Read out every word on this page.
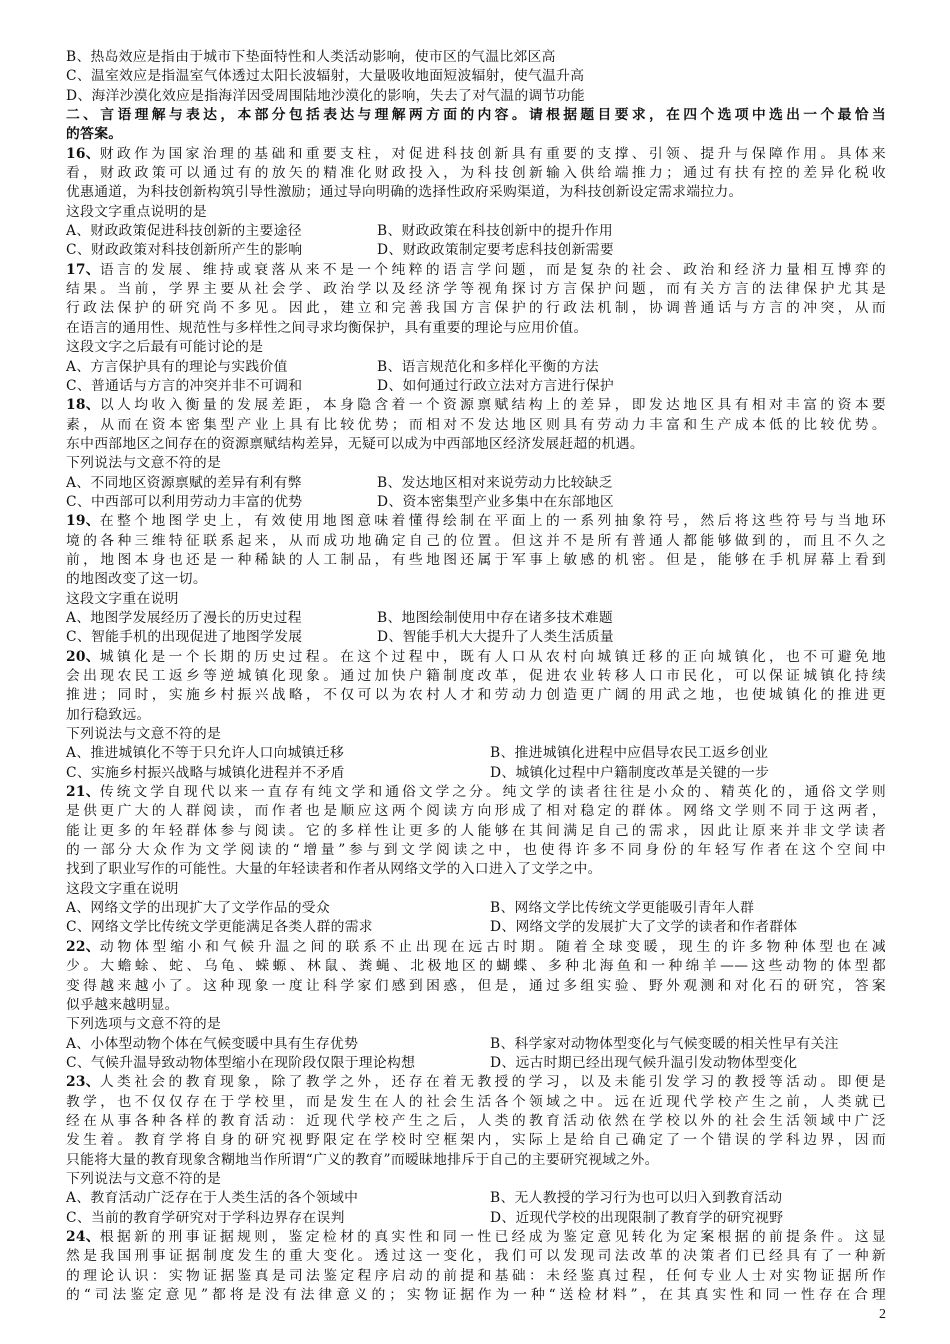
B、热岛效应是指由于城市下垫面特性和人类活动影响，使市区的气温比郊区高
C、温室效应是指温室气体透过太阳长波辐射，大量吸收地面短波辐射，使气温升高
D、海洋沙漠化效应是指海洋因受周围陆地沙漠化的影响，失去了对气温的调节功能
二、言语理解与表达，本部分包括表达与理解两方面的内容。请根据题目要求，在四个选项中选出一个最恰当
的答案。
16、 财政作为国家治理的基础和重要支柱，对促进科技创新具有重要的支撑、引领、提升与保障作用。具体来
看，财政政策可以通过有的放矢的精准化财政投入，为科技创新输入供给端推力；通过有扶有控的差异化税收
优惠通道，为科技创新构筑引导性激励；通过导向明确的选择性政府采购渠道，为科技创新设定需求端拉力。
这段文字重点说明的是
A、财政政策促进科技创新的主要途径	B、财政政策在科技创新中的提升作用
C、财政政策对科技创新所产生的影响	D、财政政策制定要考虑科技创新需要
17、 语言的发展、维持或衰落从来不是一个纯粹的语言学问题，而是复杂的社会、政治和经济力量相互博弈的
结果。当前，学界主要从社会学、政治学以及经济学等视角探讨方言保护问题，而有关方言的法律保护尤其是
行政法保护的研究尚不多见。因此，建立和完善我国方言保护的行政法机制，协调普通话与方言的冲突，从而
在语言的通用性、规范性与多样性之间寻求均衡保护，具有重要的理论与应用价值。
这段文字之后最有可能讨论的是
A、方言保护具有的理论与实践价值	B、语言规范化和多样化平衡的方法
C、普通话与方言的冲突并非不可调和	D、如何通过行政立法对方言进行保护
18、 以人均收入衡量的发展差距，本身隐含着一个资源禀赋结构上的差异，即发达地区具有相对丰富的资本要
素，从而在资本密集型产业上具有比较优势；而相对不发达地区则具有劳动力丰富和生产成本低的比较优势。
东中西部地区之间存在的资源禀赋结构差异，无疑可以成为中西部地区经济发展赶超的机遇。
下列说法与文意不符的是
A、不同地区资源禀赋的差异有利有弊	B、发达地区相对来说劳动力比较缺乏
C、中西部可以利用劳动力丰富的优势	D、资本密集型产业多集中在东部地区
19、 在整个地图学史上，有效使用地图意味着懂得绘制在平面上的一系列抽象符号，然后将这些符号与当地环
境的各种三维特征联系起来，从而成功地确定自己的位置。但这并不是所有普通人都能够做到的，而且不久之
前，地图本身也还是一种稀缺的人工制品，有些地图还属于军事上敏感的机密。但是，能够在手机屏幕上看到
的地图改变了这一切。
这段文字重在说明
A、地图学发展经历了漫长的历史过程	B、地图绘制使用中存在诸多技术难题
C、智能手机的出现促进了地图学发展	D、智能手机大大提升了人类生活质量
20、 城镇化是一个长期的历史过程。在这个过程中，既有人口从农村向城镇迁移的正向城镇化，也不可避免地
会出现农民工返乡等逆城镇化现象。通过加快户籍制度改革，促进农业转移人口市民化，可以保证城镇化持续
推进；同时，实施乡村振兴战略，不仅可以为农村人才和劳动力创造更广阔的用武之地，也使城镇化的推进更
加行稳致远。
下列说法与文意不符的是
A、推进城镇化不等于只允许人口向城镇迁移	B、推进城镇化进程中应倡导农民工返乡创业
C、实施乡村振兴战略与城镇化进程并不矛盾	D、城镇化过程中户籍制度改革是关键的一步
21、 传统文学自现代以来一直存有纯文学和通俗文学之分。纯文学的读者往往是小众的、精英化的，通俗文学则
是供更广大的人群阅读，而作者也是顺应这两个阅读方向形成了相对稳定的群体。网络文学则不同于这两者，
能让更多的年轻群体参与阅读。它的多样性让更多的人能够在其间满足自己的需求，因此让原来并非文学读者
的一部分大众作为文学阅读的“增量”参与到文学阅读之中，也使得许多不同身份的年轻写作者在这个空间中
找到了职业写作的可能性。大量的年轻读者和作者从网络文学的入口进入了文学之中。
这段文字重在说明
A、网络文学的出现扩大了文学作品的受众	B、网络文学比传统文学更能吸引青年人群
C、网络文学比传统文学更能满足各类人群的需求	D、网络文学的发展扩大了文学的读者和作者群体
22、 动物体型缩小和气候升温之间的联系不止出现在远古时期。随着全球变暖，现生的许多物种体型也在减
少。大蟾蜍、蛇、乌龟、蝾螈、林鼠、粪蝇、北极地区的蝴蝶、多种北海鱼和一种绵羊——这些动物的体型都
变得越来越小了。这种现象一度让科学家们感到困惑，但是，通过多组实验、野外观测和对化石的研究，答案
似乎越来越明显。
下列选项与文意不符的是
A、小体型动物个体在气候变暖中具有生存优势	B、科学家对动物体型变化与气候变暖的相关性早有关注
C、气候升温导致动物体型缩小在现阶段仅限于理论构想	D、远古时期已经出现气候升温引发动物体型变化
23、 人类社会的教育现象，除了教学之外，还存在着无教授的学习，以及未能引发学习的教授等活动。即便是
教学，也不仅仅存在于学校里，而是发生在人的社会生活各个领域之中。远在近现代学校产生之前，人类就已
经在从事各种各样的教育活动：近现代学校产生之后，人类的教育活动依然在学校以外的社会生活领域中广泛
发生着。教育学将自身的研究视野限定在学校时空框架内，实际上是给自己确定了一个错误的学科边界，因而
只能将大量的教育现象含糊地当作所谓“广义的教育”而暧昧地排斥于自己的主要研究视域之外。
下列说法与文意不符的是
A、教育活动广泛存在于人类生活的各个领域中	B、无人教授的学习行为也可以归入到教育活动
C、当前的教育学研究对于学科边界存在误判	D、近现代学校的出现限制了教育学的研究视野
24、 根据新的刑事证据规则，鉴定检材的真实性和同一性已经成为鉴定意见转化为定案根据的前提条件。这显
然是我国刑事证据制度发生的重大变化。透过这一变化，我们可以发现司法改革的决策者们已经具有了一种新
的理论认识：实物证据鉴真是司法鉴定程序启动的前提和基础：未经鉴真过程，任何专业人士对实物证据所作
的“司法鉴定意见”都将是没有法律意义的；实物证据作为一种“送检材料”，在其真实性和同一性存在合理
2
